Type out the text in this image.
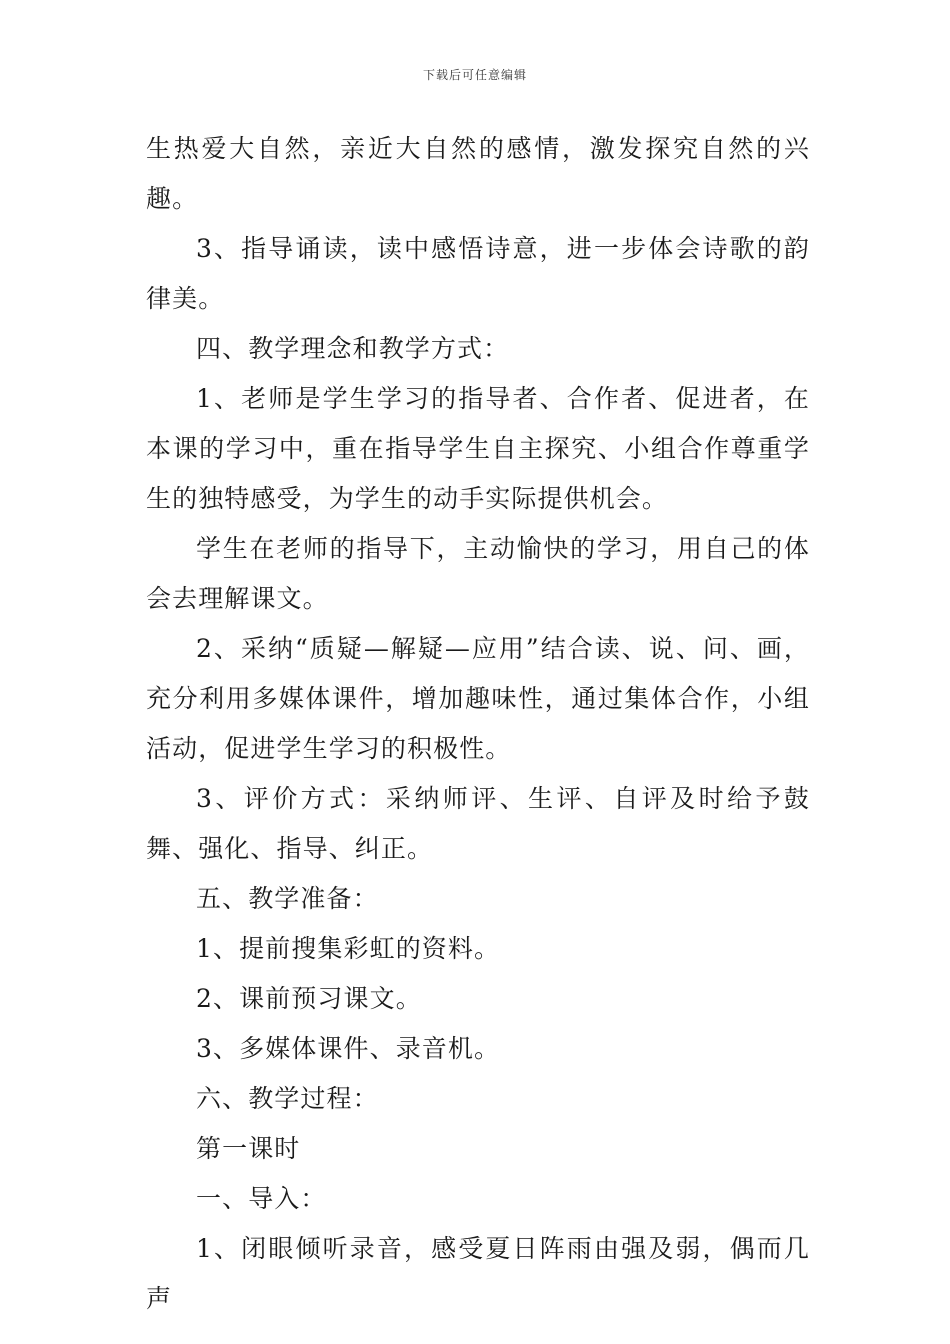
下载后可任意编辑

生热爱大自然，亲近大自然的感情，激发探究自然的兴趣。

3、指导诵读，读中感悟诗意，进一步体会诗歌的韵律美。

四、教学理念和教学方式：

1、老师是学生学习的指导者、合作者、促进者，在本课的学习中，重在指导学生自主探究、小组合作尊重学生的独特感受，为学生的动手实际提供机会。

学生在老师的指导下，主动愉快的学习，用自己的体会去理解课文。

2、采纳“质疑—解疑—应用”结合读、说、问、画，充分利用多媒体课件，增加趣味性，通过集体合作，小组活动，促进学生学习的积极性。

3、评价方式：采纳师评、生评、自评及时给予鼓舞、强化、指导、纠正。

五、教学准备：

1、提前搜集彩虹的资料。

2、课前预习课文。

3、多媒体课件、录音机。

六、教学过程：

第一课时

一、导入：

1、闭眼倾听录音，感受夏日阵雨由强及弱，偶而几声
